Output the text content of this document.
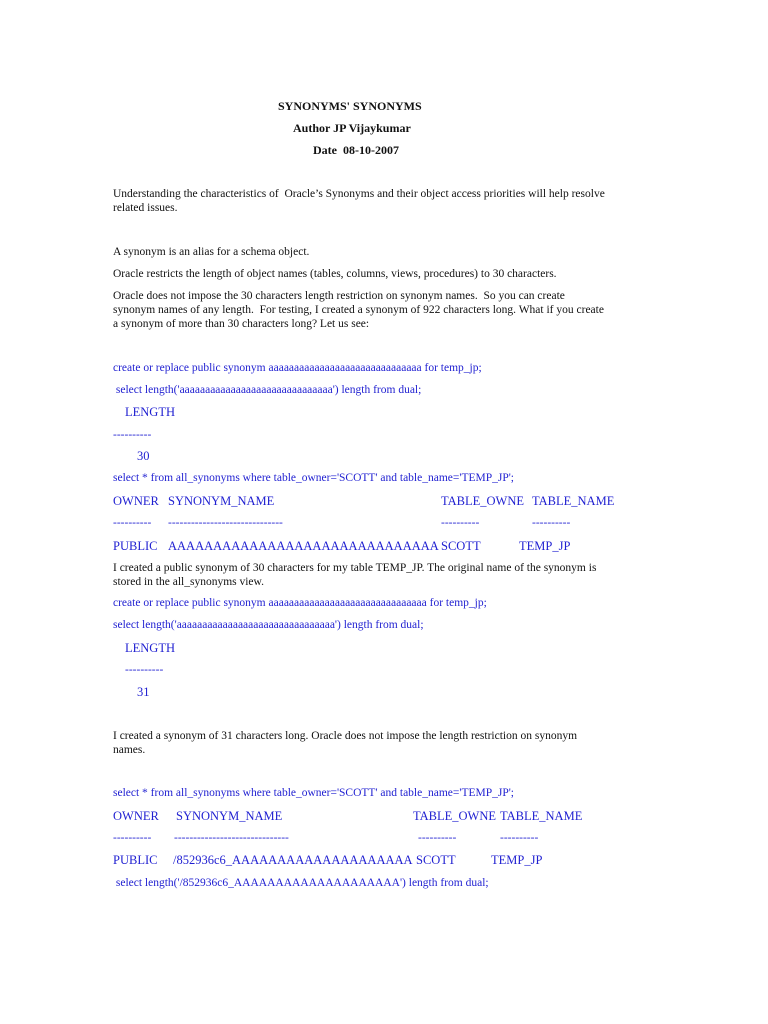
SYNONYMS' SYNONYMS
Author JP Vijaykumar
Date  08-10-2007
Understanding the characteristics of  Oracle’s Synonyms and their object access priorities will help resolve
related issues.
A synonym is an alias for a schema object.
Oracle restricts the length of object names (tables, columns, views, procedures) to 30 characters.
Oracle does not impose the 30 characters length restriction on synonym names.  So you can create
synonym names of any length.  For testing, I created a synonym of 922 characters long. What if you create
a synonym of more than 30 characters long? Let us see:
create or replace public synonym aaaaaaaaaaaaaaaaaaaaaaaaaaaaaa for temp_jp;
select length('aaaaaaaaaaaaaaaaaaaaaaaaaaaaaa') length from dual;
LENGTH
----------
30
select * from all_synonyms where table_owner='SCOTT' and table_name='TEMP_JP';
OWNER SYNONYM_NAME	TABLE_OWNE TABLE_NAME
---------- ------------------------------	----------	----------
PUBLIC AAAAAAAAAAAAAAAAAAAAAAAAAAAAAA SCOTT	TEMP_JP
I created a public synonym of 30 characters for my table TEMP_JP. The original name of the synonym is
stored in the all_synonyms view.
create or replace public synonym aaaaaaaaaaaaaaaaaaaaaaaaaaaaaaa for temp_jp;
select length('aaaaaaaaaaaaaaaaaaaaaaaaaaaaaaa') length from dual;
LENGTH
----------
31
I created a synonym of 31 characters long. Oracle does not impose the length restriction on synonym
names.
select * from all_synonyms where table_owner='SCOTT' and table_name='TEMP_JP';
OWNER SYNONYM_NAME	TABLE_OWNE TABLE_NAME
---------- ------------------------------	----------	----------
PUBLIC /852936c6_AAAAAAAAAAAAAAAAAAAA SCOTT	TEMP_JP
select length('/852936c6_AAAAAAAAAAAAAAAAAAAA') length from dual;
